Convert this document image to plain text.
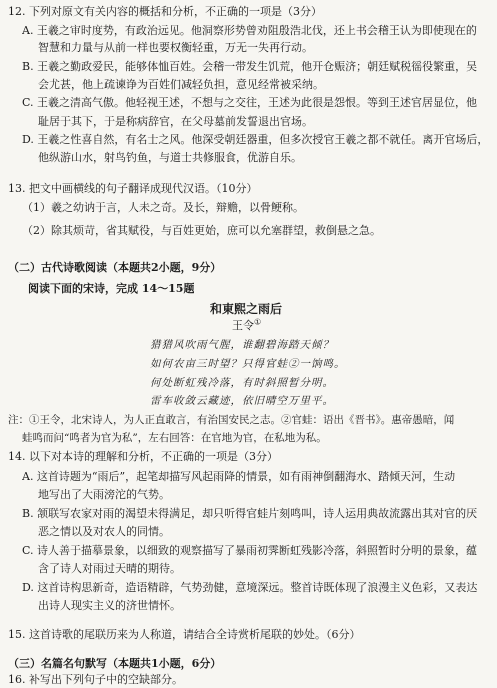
12. 下列对原文有关内容的概括和分析，不正确的一项是（3分）
A. 王羲之审时度势，有政治远见。他洞察形势曾劝阻殷浩北伐，还上书会稽王认为即使现在的
智慧和力量与从前一样也要权衡轻重，万无一失再行动。
B. 王羲之勤政爱民，能够体恤百姓。会稽一带发生饥荒，他开仓赈济；朝廷赋税徭役繁重，吴
会尤甚，他上疏谏诤为百姓们减轻负担，意见经常被采纳。
C. 王羲之清高气傲。他轻视王述，不想与之交往，王述为此很是怨恨。等到王述官居显位，他
耻居于其下，于是称病辞官，在父母墓前发誓退出官场。
D. 王羲之性喜自然，有名士之风。他深受朝廷器重，但多次授官王羲之都不就任。离开官场后，
他纵游山水，射鸟钓鱼，与道士共修服食，优游自乐。
13. 把文中画横线的句子翻译成现代汉语。（10分）
（1）羲之幼讷于言，人未之奇。及长，辩赡，以骨鲠称。
（2）除其烦苛，省其赋役，与百姓更始，庶可以允塞群望，救倒悬之急。
（二）古代诗歌阅读（本题共2小题，9分）
阅读下面的宋诗，完成 14～15题
和東熙之雨后
王令①
猎猎风吹雨气腥，谁翻碧海踏天倾？
如何农亩三时望？只得官蛙②一饷鸣。
何处断虹残冷落，有时斜照暂分明。
雷车收敛云藏迹，依旧晴空万里平。
注：①王令，北宋诗人，为人正直敢言，有治国安民之志。②官蛙：语出《晋书》。惠帝愚暗，闻
蛙鸣而问“鸣者为官为私”，左右回答：在官地为官，在私地为私。
14. 以下对本诗的理解和分析，不正确的一项是（3分）
A. 这首诗题为“雨后”，起笔却描写风起雨降的情景，如有雨神倒翻海水、踏倾天河，生动
地写出了大雨滂沱的气势。
B. 颔联写农家对雨的渴望未得满足，却只听得官蛙片刻鸣叫，诗人运用典故流露出其对官的厌
恶之情以及对农人的同情。
C. 诗人善于描摹景象，以细致的观察描写了暴雨初霁断虹残影冷落，斜照暂时分明的景象，蕴
含了诗人对雨过天晴的期待。
D. 这首诗构思新奇，造语精辟，气势劲健，意境深远。整首诗既体现了浪漫主义色彩，又表达
出诗人现实主义的济世情怀。
15. 这首诗歌的尾联历来为人称道，请结合全诗赏析尾联的妙处。（6分）
（三）名篇名句默写（本题共1小题，6分）
16. 补写出下列句子中的空缺部分。
